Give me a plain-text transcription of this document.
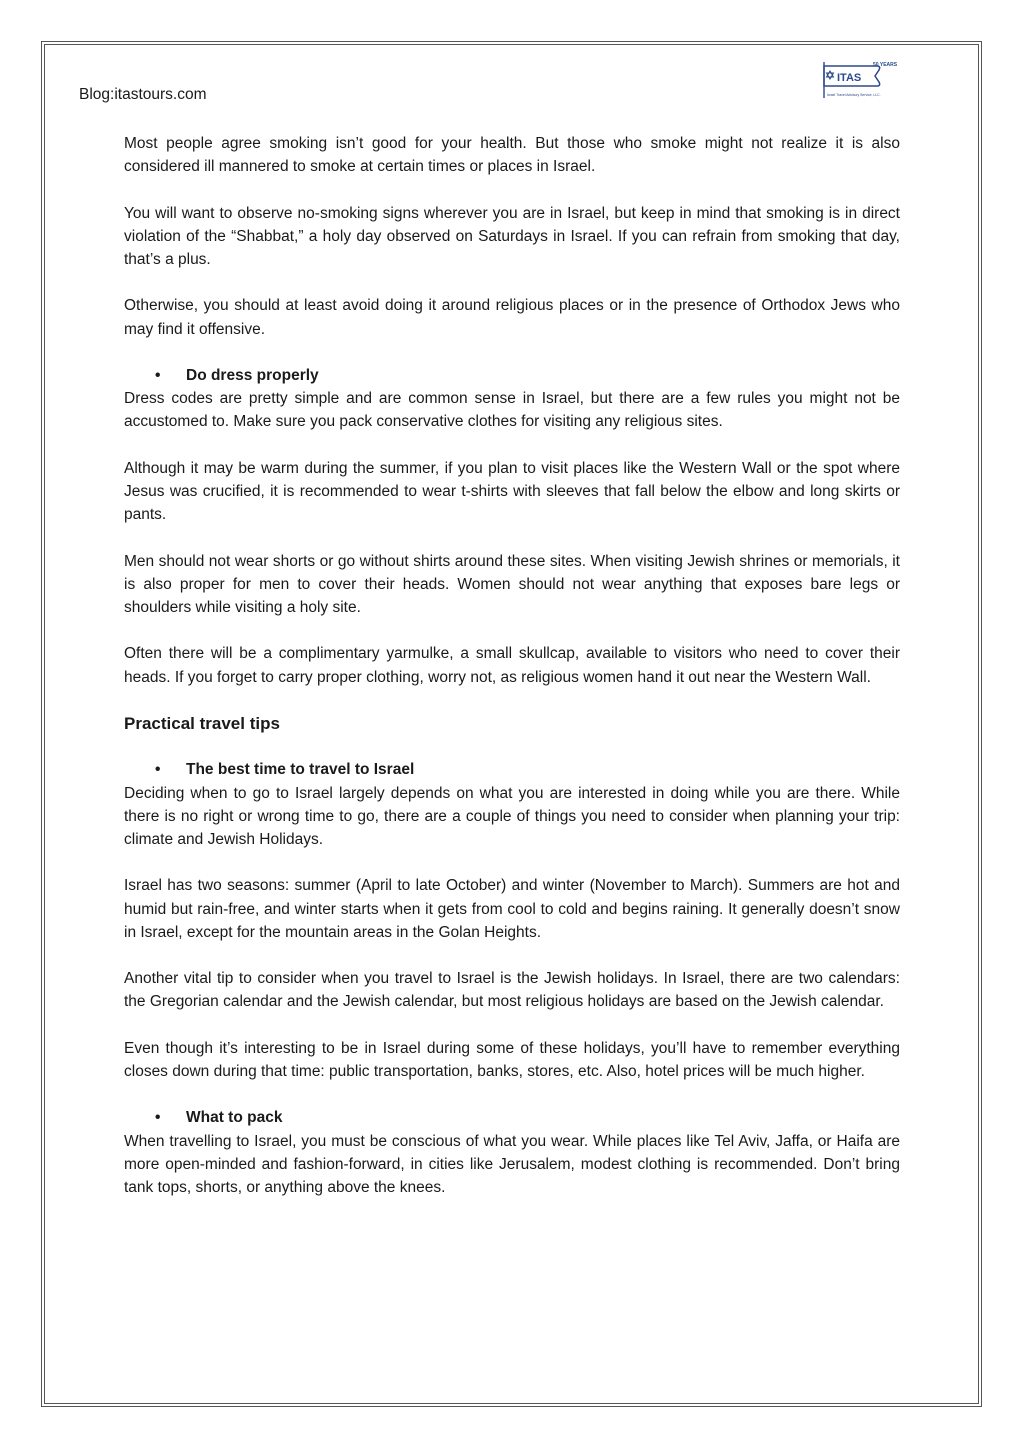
Blog:itastours.com
ITAS
50 YEARS
Israel Travel Advisory Service, LLC.

Most people agree smoking isn’t good for your health. But those who smoke might not realize it is also considered ill mannered to smoke at certain times or places in Israel.

You will want to observe no-smoking signs wherever you are in Israel, but keep in mind that smoking is in direct violation of the “Shabbat,” a holy day observed on Saturdays in Israel. If you can refrain from smoking that day, that’s a plus.

Otherwise, you should at least avoid doing it around religious places or in the presence of Orthodox Jews who may find it offensive.

• Do dress properly

Dress codes are pretty simple and are common sense in Israel, but there are a few rules you might not be accustomed to. Make sure you pack conservative clothes for visiting any religious sites.

Although it may be warm during the summer, if you plan to visit places like the Western Wall or the spot where Jesus was crucified, it is recommended to wear t-shirts with sleeves that fall below the elbow and long skirts or pants.

Men should not wear shorts or go without shirts around these sites. When visiting Jewish shrines or memorials, it is also proper for men to cover their heads. Women should not wear anything that exposes bare legs or shoulders while visiting a holy site.

Often there will be a complimentary yarmulke, a small skullcap, available to visitors who need to cover their heads. If you forget to carry proper clothing, worry not, as religious women hand it out near the Western Wall.

Practical travel tips
• The best time to travel to Israel

Deciding when to go to Israel largely depends on what you are interested in doing while you are there. While there is no right or wrong time to go, there are a couple of things you need to consider when planning your trip: climate and Jewish Holidays.

Israel has two seasons: summer (April to late October) and winter (November to March). Summers are hot and humid but rain-free, and winter starts when it gets from cool to cold and begins raining. It generally doesn’t snow in Israel, except for the mountain areas in the Golan Heights.

Another vital tip to consider when you travel to Israel is the Jewish holidays. In Israel, there are two calendars: the Gregorian calendar and the Jewish calendar, but most religious holidays are based on the Jewish calendar.

Even though it’s interesting to be in Israel during some of these holidays, you’ll have to remember everything closes down during that time: public transportation, banks, stores, etc. Also, hotel prices will be much higher.

• What to pack

When travelling to Israel, you must be conscious of what you wear. While places like Tel Aviv, Jaffa, or Haifa are more open-minded and fashion-forward, in cities like Jerusalem, modest clothing is recommended. Don’t bring tank tops, shorts, or anything above the knees.
